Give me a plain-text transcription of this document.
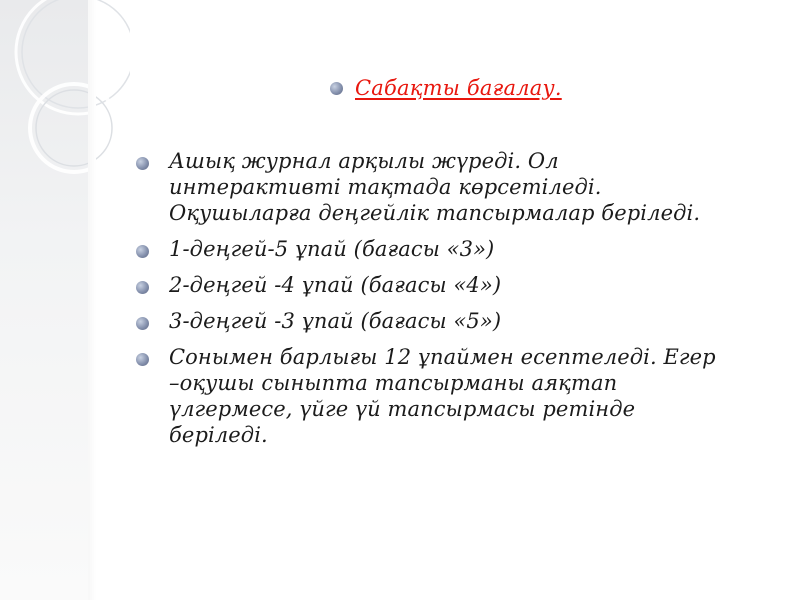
Сабақты бағалау.
Ашық журнал арқылы жүреді. Ол
интерактивті тақтада көрсетіледі.
Оқушыларға деңгейлік тапсырмалар беріледі.
1-деңгей-5 ұпай (бағасы «3»)
2-деңгей -4 ұпай (бағасы «4»)
3-деңгей -3 ұпай (бағасы «5»)
Сонымен барлығы 12 ұпаймен есептеледі. Егер
–оқушы сыныпта тапсырманы аяқтап
үлгермесе, үйге үй тапсырмасы ретінде
беріледі.
